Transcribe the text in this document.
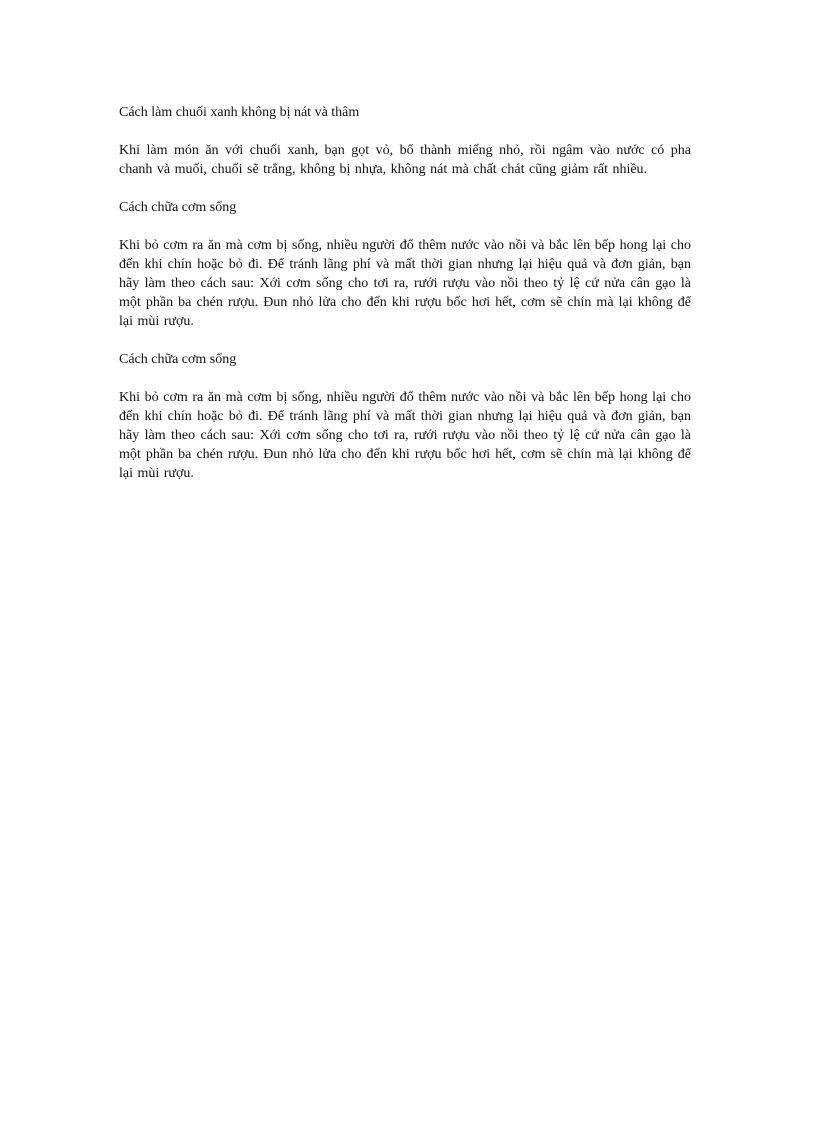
Cách làm chuối xanh không bị nát và thâm

Khi làm món ăn với chuối xanh, bạn gọt vỏ, bổ thành miếng nhỏ, rồi ngâm vào nước có pha chanh và muối, chuối sẽ trắng, không bị nhựa, không nát mà chất chát cũng giảm rất nhiều.

Cách chữa cơm sống

Khi bỏ cơm ra ăn mà cơm bị sống, nhiều người đổ thêm nước vào nồi và bắc lên bếp hong lại cho đến khi chín hoặc bỏ đi. Để tránh lãng phí và mất thời gian nhưng lại hiệu quả và đơn giản, bạn hãy làm theo cách sau: Xới cơm sống cho tơi ra, rưới rượu vào nồi theo tỷ lệ cứ nửa cân gạo là một phần ba chén rượu. Đun nhỏ lửa cho đến khi rượu bốc hơi hết, cơm sẽ chín mà lại không để lại mùi rượu.

Cách chữa cơm sống

Khi bỏ cơm ra ăn mà cơm bị sống, nhiều người đổ thêm nước vào nồi và bắc lên bếp hong lại cho đến khi chín hoặc bỏ đi. Để tránh lãng phí và mất thời gian nhưng lại hiệu quả và đơn giản, bạn hãy làm theo cách sau: Xới cơm sống cho tơi ra, rưới rượu vào nồi theo tỷ lệ cứ nửa cân gạo là một phần ba chén rượu. Đun nhỏ lửa cho đến khi rượu bốc hơi hết, cơm sẽ chín mà lại không để lại mùi rượu.
